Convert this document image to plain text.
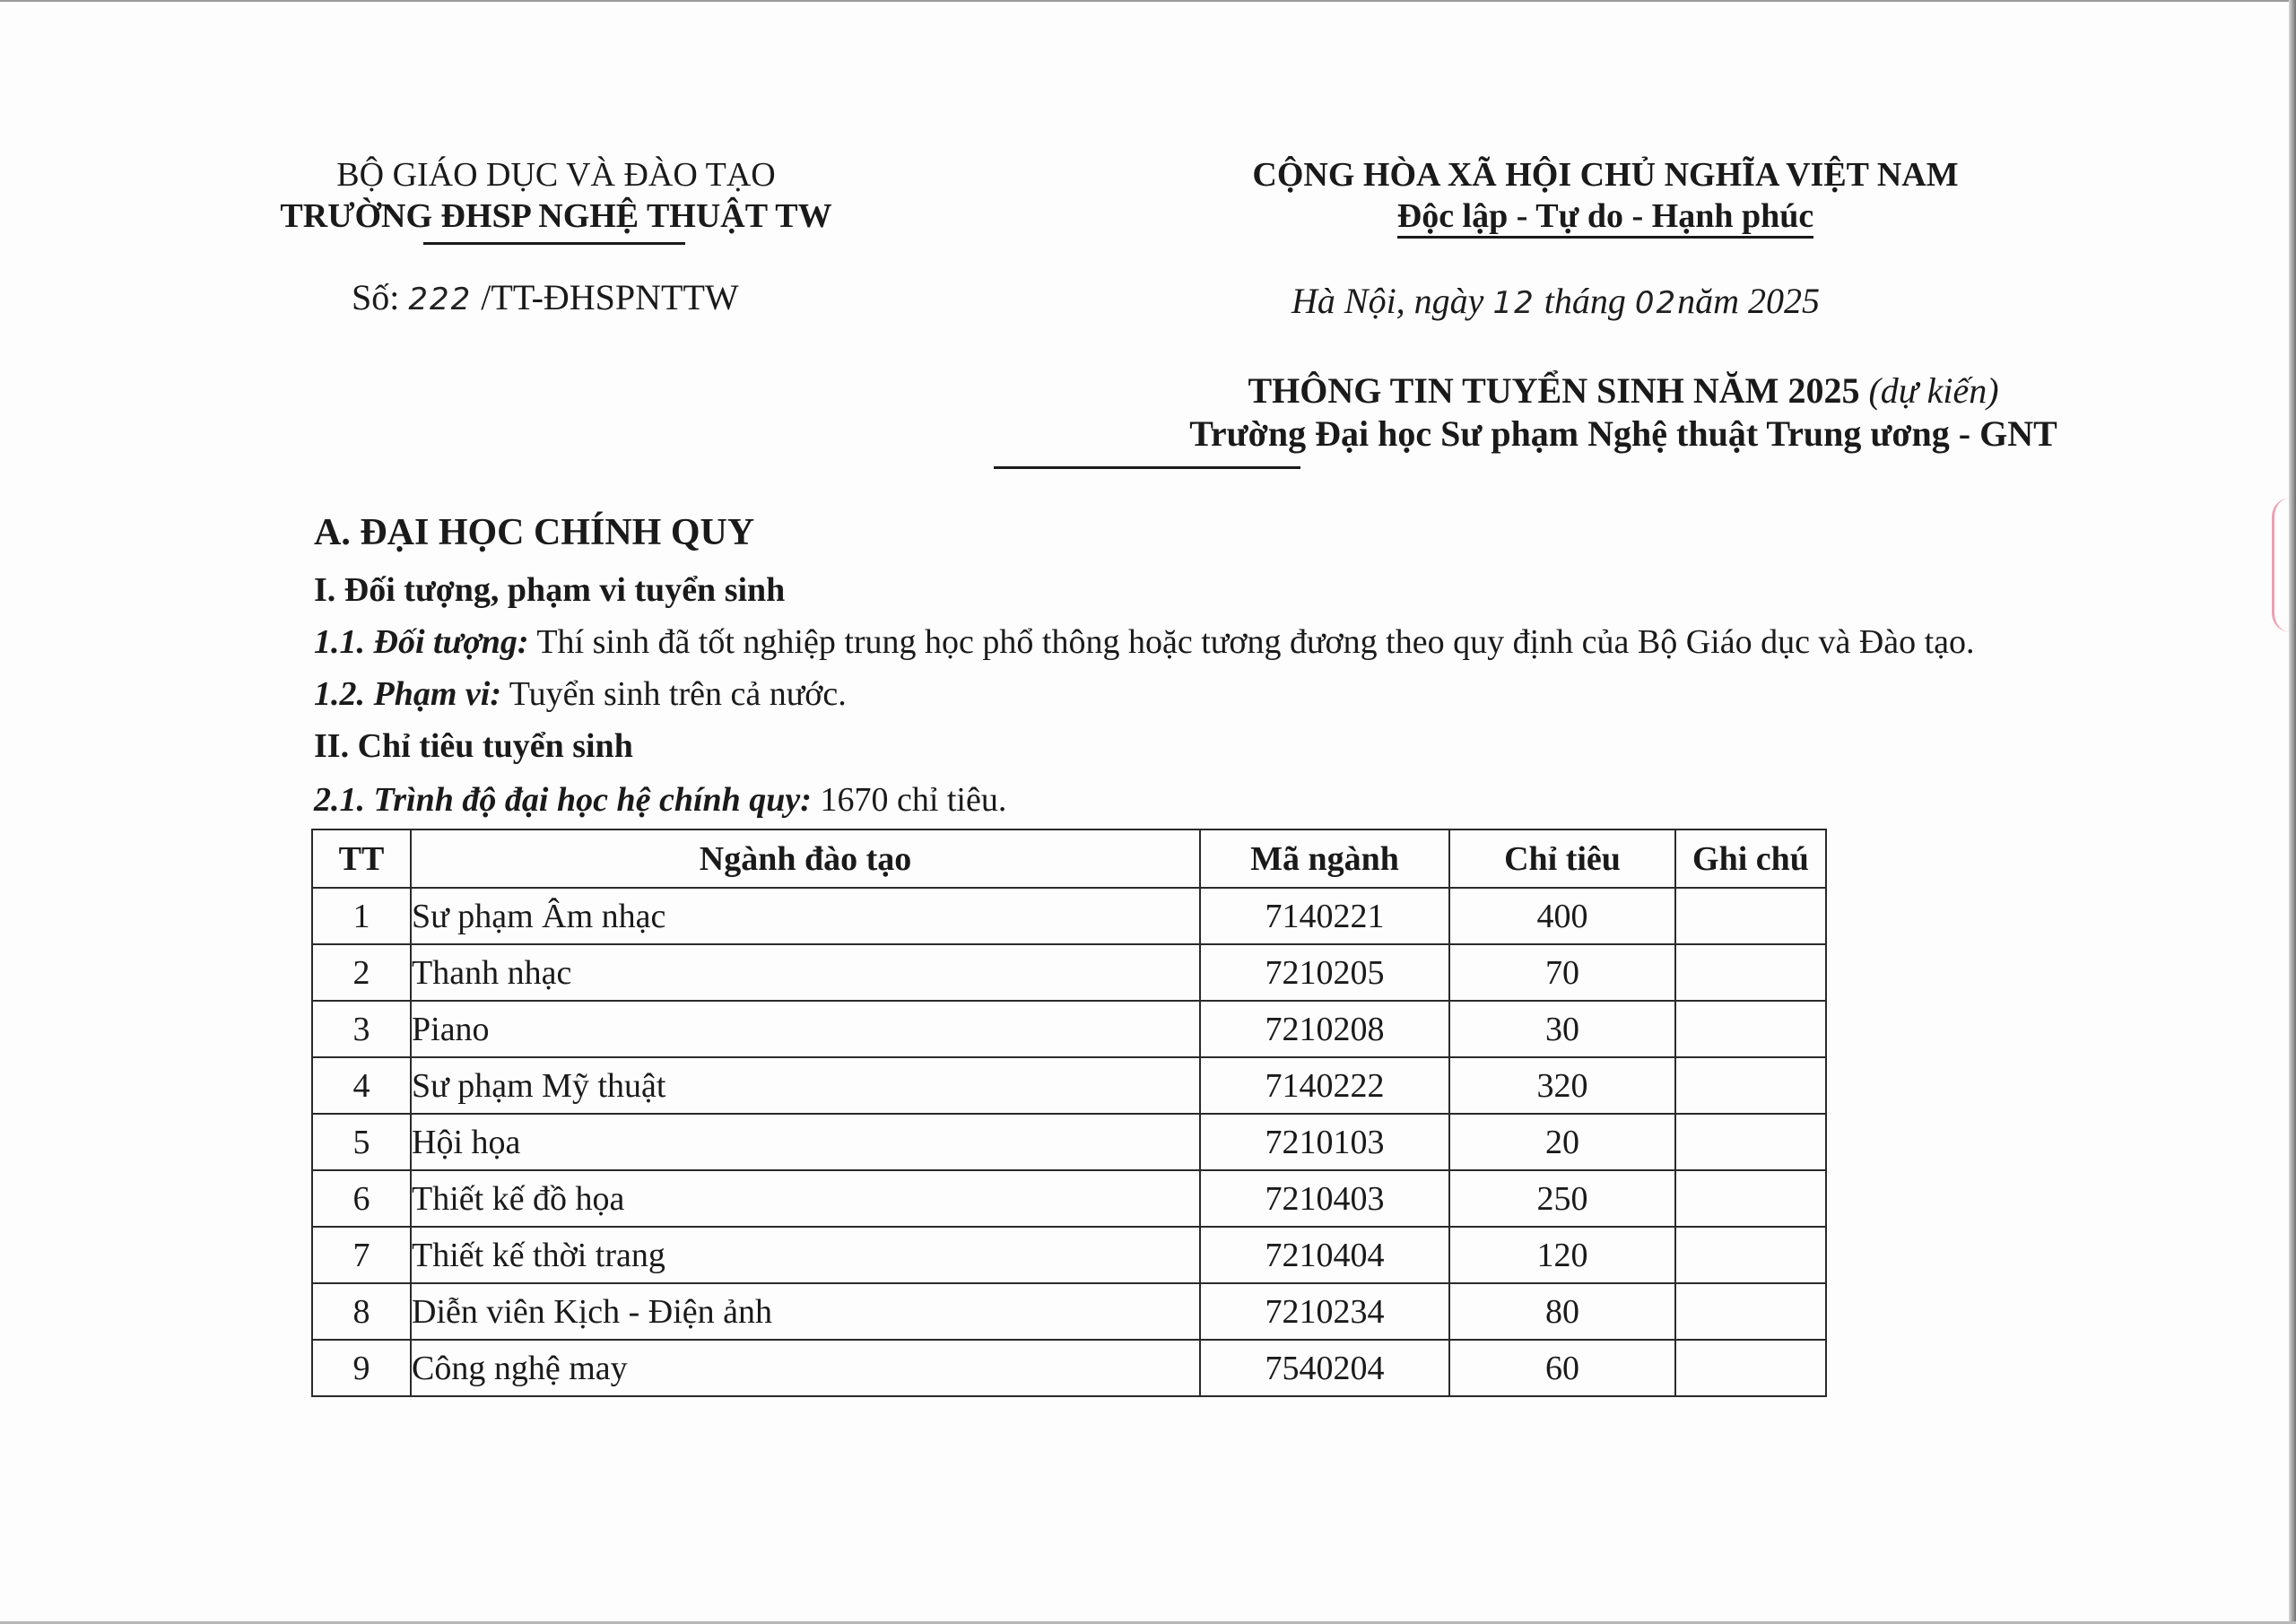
BỘ GIÁO DỤC VÀ ĐÀO TẠO
TRƯỜNG ĐHSP NGHỆ THUẬT TW
CỘNG HÒA XÃ HỘI CHỦ NGHĨA VIỆT NAM
Độc lập - Tự do - Hạnh phúc
Số: 222 /TT-ĐHSPNTTW	Hà Nội, ngày 12 tháng 02năm 2025
THÔNG TIN TUYỂN SINH NĂM 2025 (dự kiến)
Trường Đại học Sư phạm Nghệ thuật Trung ương - GNT
A. ĐẠI HỌC CHÍNH QUY
I. Đối tượng, phạm vi tuyển sinh
1.1. Đối tượng: Thí sinh đã tốt nghiệp trung học phổ thông hoặc tương đương theo quy định của Bộ Giáo dục và Đào tạo.
1.2. Phạm vi: Tuyển sinh trên cả nước.
II. Chỉ tiêu tuyển sinh
2.1. Trình độ đại học hệ chính quy: 1670 chỉ tiêu.
TT	Ngành đào tạo	Mã ngành	Chỉ tiêu	Ghi chú
1	Sư phạm Âm nhạc	7140221	400	
2	Thanh nhạc	7210205	70	
3	Piano	7210208	30	
4	Sư phạm Mỹ thuật	7140222	320	
5	Hội họa	7210103	20	
6	Thiết kế đồ họa	7210403	250	
7	Thiết kế thời trang	7210404	120	
8	Diễn viên Kịch - Điện ảnh	7210234	80	
9	Công nghệ may	7540204	60	
